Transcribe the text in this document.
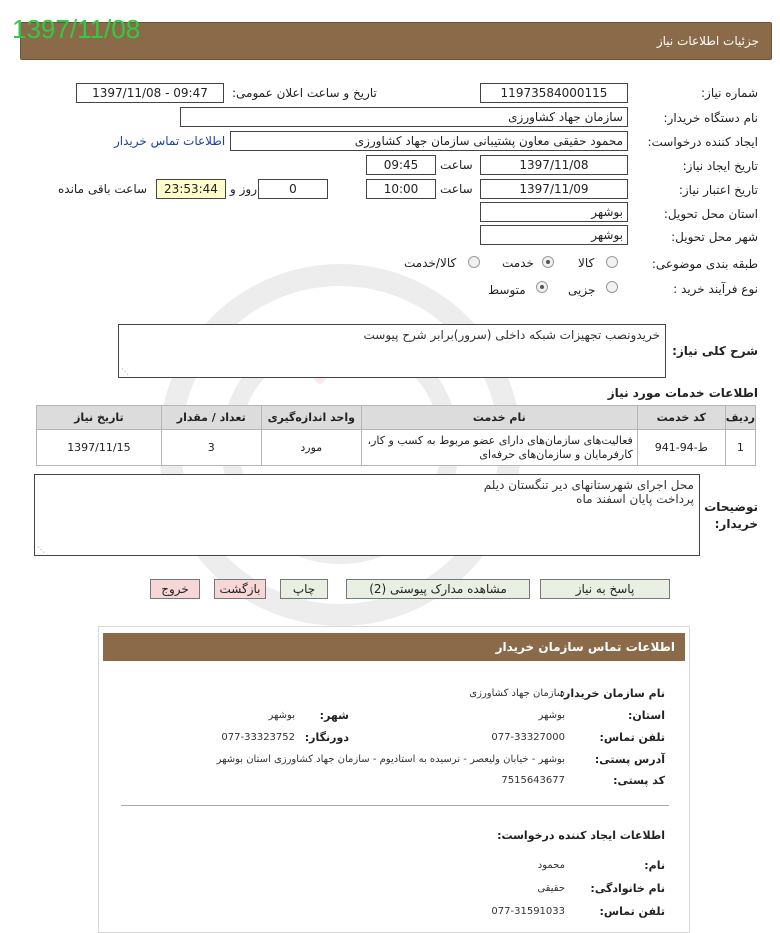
1397/11/08	جزئیات اطلاعات نیاز
شماره نیاز:
11973584000115
تاریخ و ساعت اعلان عمومی:
1397/11/08 - 09:47
نام دستگاه خریدار:
سازمان جهاد کشاورزی
ایجاد کننده درخواست:
محمود حقیقی معاون پشتیبانی سازمان جهاد کشاورزی
اطلاعات تماس خریدار
تاریخ ایجاد نیاز:
1397/11/08
ساعت
09:45
تاریخ اعتبار نیاز:
1397/11/09
ساعت
10:00
0
روز و
23:53:44
ساعت باقی مانده
استان محل تحویل:
بوشهر
شهر محل تحویل:
بوشهر
طبقه بندی موضوعی:
کالا
خدمت
کالا/خدمت
نوع فرآیند خرید :
جزیی
متوسط
شرح کلی نیاز:
خریدونصب تجهیزات شبکه داخلی (سرور)برابر شرح پیوست
⋰
اطلاعات خدمات مورد نیاز
ردیف	کد خدمت	نام خدمت	واحد اندازه‌گیری	تعداد / مقدار	تاریخ نیاز
1	ط-94-941	فعالیت‌های سازمان‌های دارای عضو مربوط به کسب و کار، کارفرمایان و سازمان‌های حرفه‌ای	مورد	3	1397/11/15
توضیحات
خریدار:
محل اجرای شهرستانهای دیر تنگستان دیلم
پرداخت پایان اسفند ماه
⋰
پاسخ به نیاز
مشاهده مدارک پیوستی (2)
چاپ
بازگشت
خروج
اطلاعات تماس سازمان خریدار
نام سازمان خریدار:
سازمان جهاد کشاورزی
استان:
بوشهر
شهر:
بوشهر
تلفن تماس:
077-33327000
دورنگار:
077-33323752
آدرس پستی:
بوشهر - خیابان ولیعصر - نرسیده به استادیوم - سازمان جهاد کشاورزی استان بوشهر
کد پستی:
7515643677
اطلاعات ایجاد کننده درخواست:
نام:
محمود
نام خانوادگی:
حقیقی
تلفن تماس:
077-31591033
